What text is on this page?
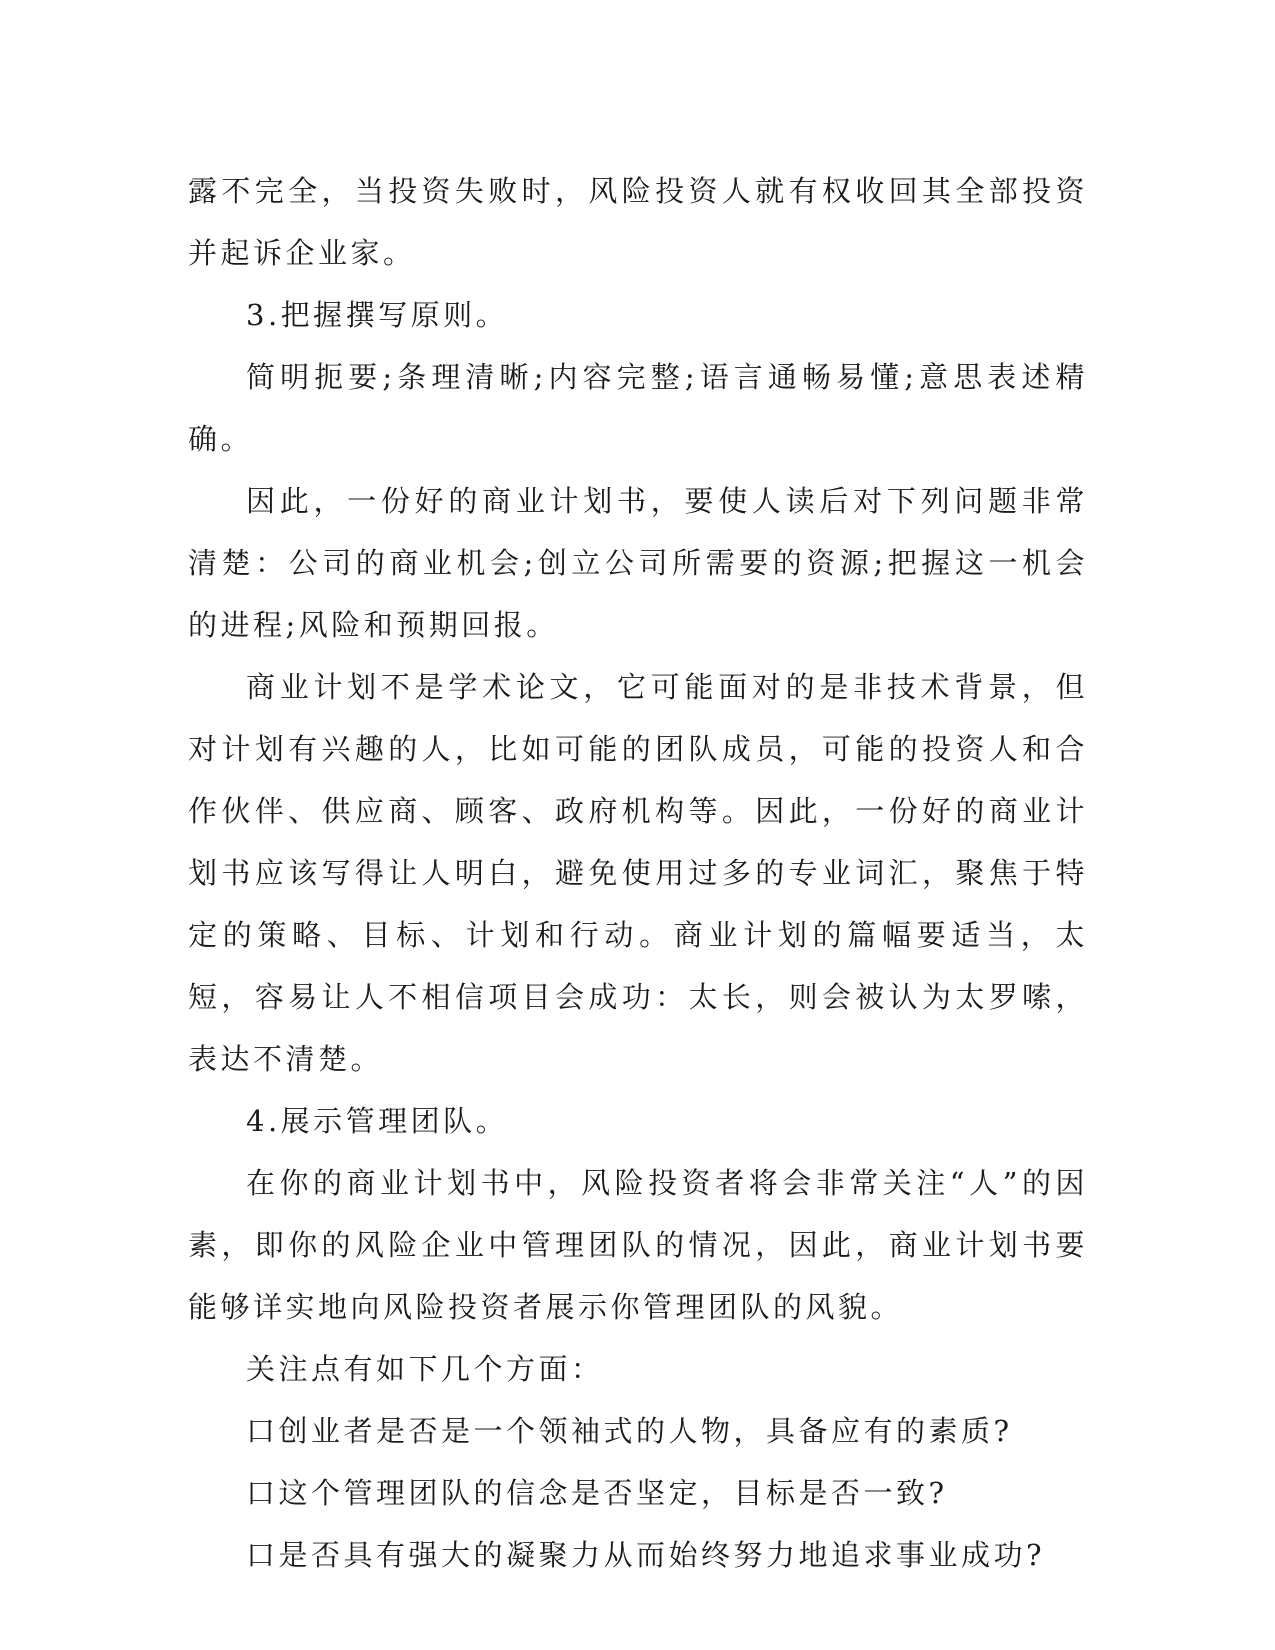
露不完全，当投资失败时，风险投资人就有权收回其全部投资并起诉企业家。

3.把握撰写原则。

简明扼要;条理清晰;内容完整;语言通畅易懂;意思表述精确。

因此，一份好的商业计划书，要使人读后对下列问题非常清楚：公司的商业机会;创立公司所需要的资源;把握这一机会的进程;风险和预期回报。

商业计划不是学术论文，它可能面对的是非技术背景，但对计划有兴趣的人，比如可能的团队成员，可能的投资人和合作伙伴、供应商、顾客、政府机构等。因此，一份好的商业计划书应该写得让人明白，避免使用过多的专业词汇，聚焦于特定的策略、目标、计划和行动。商业计划的篇幅要适当，太短，容易让人不相信项目会成功：太长，则会被认为太罗嗦，表达不清楚。

4.展示管理团队。

在你的商业计划书中，风险投资者将会非常关注“人”的因素，即你的风险企业中管理团队的情况，因此，商业计划书要能够详实地向风险投资者展示你管理团队的风貌。

关注点有如下几个方面：

口创业者是否是一个领袖式的人物，具备应有的素质?

口这个管理团队的信念是否坚定，目标是否一致?

口是否具有强大的凝聚力从而始终努力地追求事业成功?
